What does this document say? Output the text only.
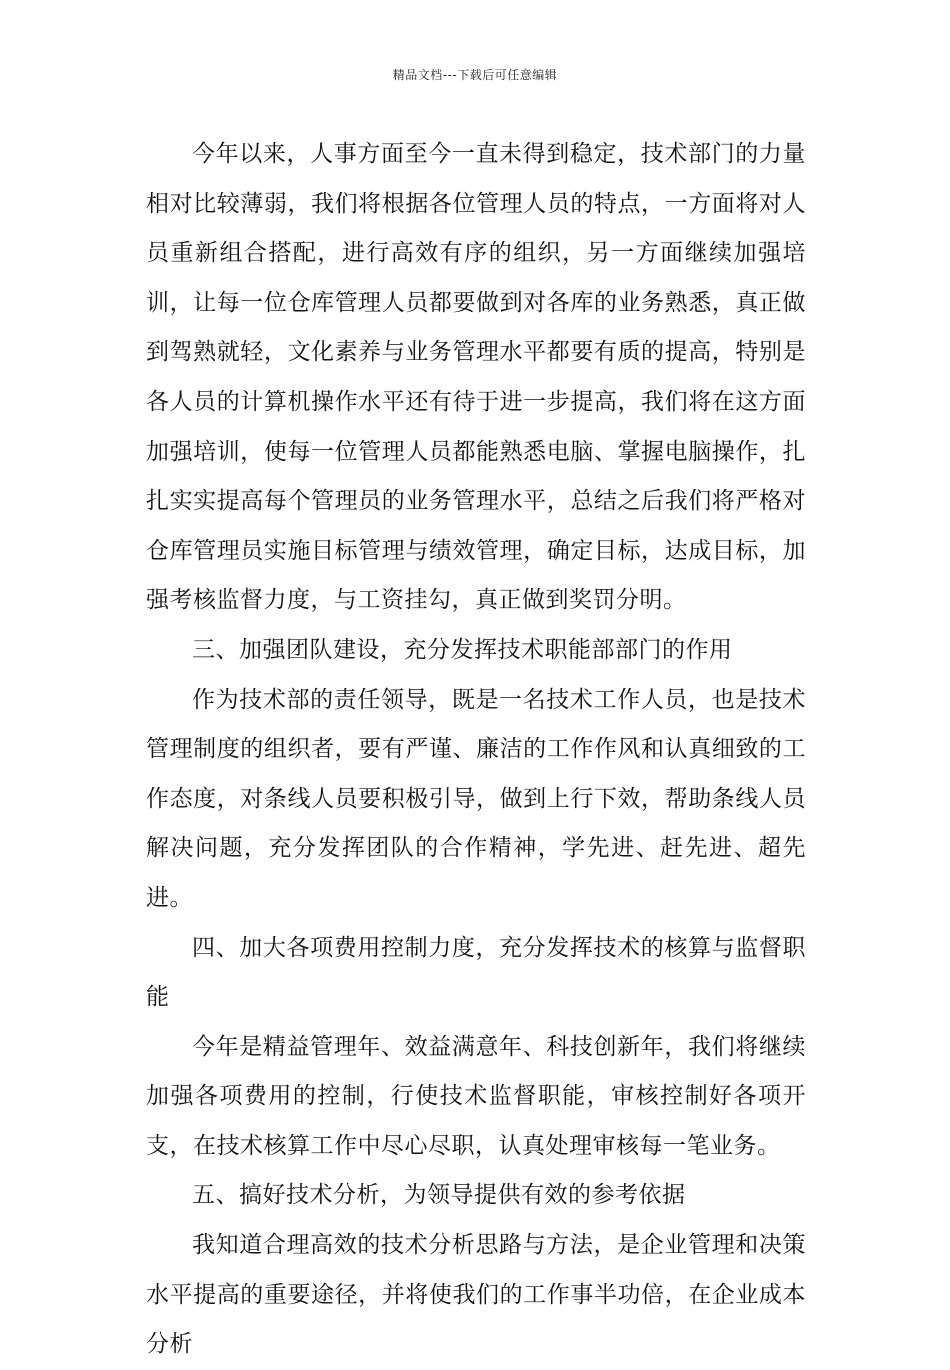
精品文档---下载后可任意编辑

今年以来，人事方面至今一直未得到稳定，技术部门的力量相对比较薄弱，我们将根据各位管理人员的特点，一方面将对人员重新组合搭配，进行高效有序的组织，另一方面继续加强培训，让每一位仓库管理人员都要做到对各库的业务熟悉，真正做到驾熟就轻，文化素养与业务管理水平都要有质的提高，特别是各人员的计算机操作水平还有待于进一步提高，我们将在这方面加强培训，使每一位管理人员都能熟悉电脑、掌握电脑操作，扎扎实实提高每个管理员的业务管理水平，总结之后我们将严格对仓库管理员实施目标管理与绩效管理，确定目标，达成目标，加强考核监督力度，与工资挂勾，真正做到奖罚分明。

三、加强团队建设，充分发挥技术职能部部门的作用

作为技术部的责任领导，既是一名技术工作人员，也是技术管理制度的组织者，要有严谨、廉洁的工作作风和认真细致的工作态度，对条线人员要积极引导，做到上行下效，帮助条线人员解决问题，充分发挥团队的合作精神，学先进、赶先进、超先进。

四、加大各项费用控制力度，充分发挥技术的核算与监督职能

今年是精益管理年、效益满意年、科技创新年，我们将继续加强各项费用的控制，行使技术监督职能，审核控制好各项开支，在技术核算工作中尽心尽职，认真处理审核每一笔业务。

五、搞好技术分析，为领导提供有效的参考依据

我知道合理高效的技术分析思路与方法，是企业管理和决策水平提高的重要途径，并将使我们的工作事半功倍，在企业成本分析
